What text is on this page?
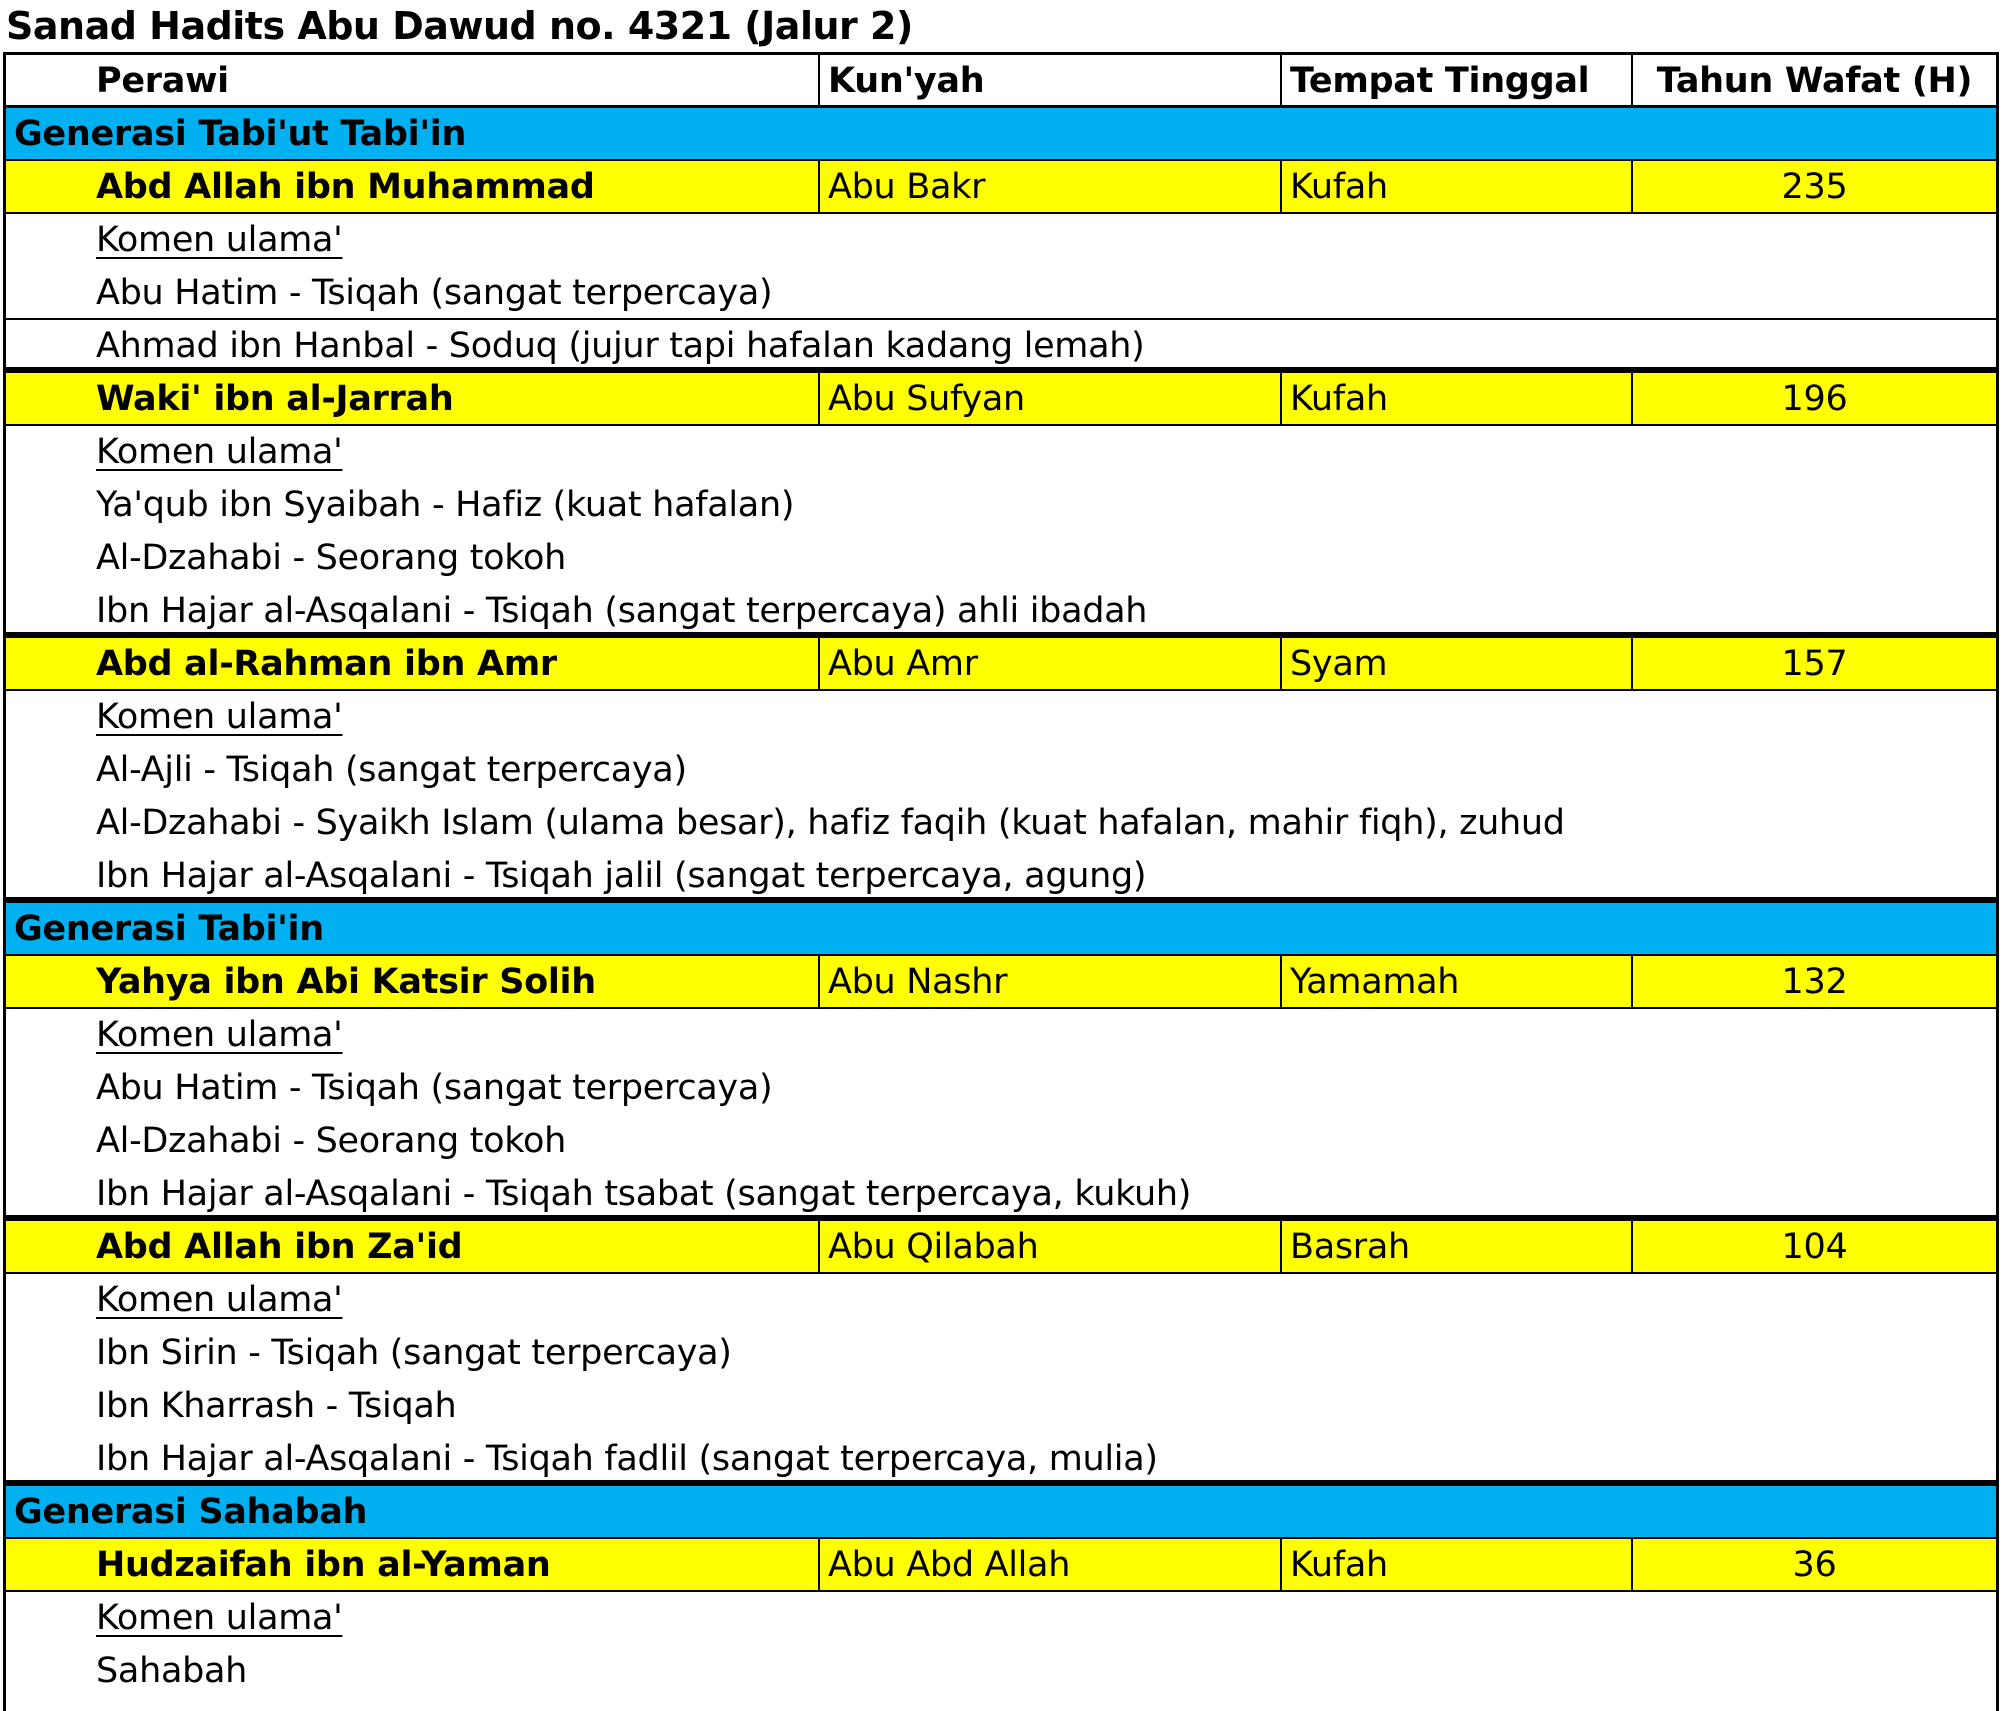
Sanad Hadits Abu Dawud no. 4321 (Jalur 2)
Perawi	Kun'yah	Tempat Tinggal	Tahun Wafat (H)
Generasi Tabi'ut Tabi'in
Abd Allah ibn Muhammad	Abu Bakr	Kufah	235
Komen ulama'
Abu Hatim - Tsiqah (sangat terpercaya)
Ahmad ibn Hanbal - Soduq (jujur tapi hafalan kadang lemah)
Waki' ibn al-Jarrah	Abu Sufyan	Kufah	196
Komen ulama'
Ya'qub ibn Syaibah - Hafiz (kuat hafalan)
Al-Dzahabi - Seorang tokoh
Ibn Hajar al-Asqalani - Tsiqah (sangat terpercaya) ahli ibadah
Abd al-Rahman ibn Amr	Abu Amr	Syam	157
Komen ulama'
Al-Ajli - Tsiqah (sangat terpercaya)
Al-Dzahabi - Syaikh Islam (ulama besar), hafiz faqih (kuat hafalan, mahir fiqh), zuhud
Ibn Hajar al-Asqalani - Tsiqah jalil (sangat terpercaya, agung)
Generasi Tabi'in
Yahya ibn Abi Katsir Solih	Abu Nashr	Yamamah	132
Komen ulama'
Abu Hatim - Tsiqah (sangat terpercaya)
Al-Dzahabi - Seorang tokoh
Ibn Hajar al-Asqalani - Tsiqah tsabat (sangat terpercaya, kukuh)
Abd Allah ibn Za'id	Abu Qilabah	Basrah	104
Komen ulama'
Ibn Sirin - Tsiqah (sangat terpercaya)
Ibn Kharrash - Tsiqah
Ibn Hajar al-Asqalani - Tsiqah fadlil (sangat terpercaya, mulia)
Generasi Sahabah
Hudzaifah ibn al-Yaman	Abu Abd Allah	Kufah	36
Komen ulama'
Sahabah
